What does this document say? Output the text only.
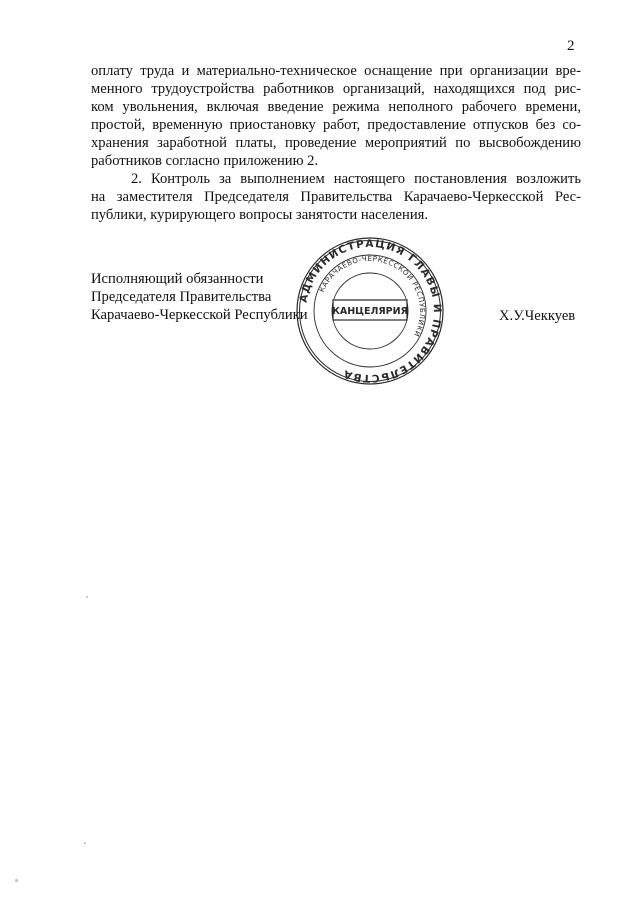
2
оплату труда и материально-техническое оснащение при организации вре-
менного трудоустройства работников организаций, находящихся под рис-
ком увольнения, включая введение режима неполного рабочего времени,
простой, временную приостановку работ, предоставление отпусков без со-
хранения заработной платы, проведение мероприятий по высвобождению
работников согласно приложению 2.
2. Контроль за выполнением настоящего постановления возложить
на заместителя Председателя Правительства Карачаево-Черкесской Рес-
публики, курирующего вопросы занятости населения.
Исполняющий обязанности
Председателя Правительства
Карачаево-Черкесской Республики	Х.У.Чеккуев
АДМИНИСТРАЦИЯ ГЛАВЫ И ПРАВИТЕЛЬСТВА
КАРАЧАЕВО-ЧЕРКЕССКОЙ РЕСПУБЛИКИ
КАНЦЕЛЯРИЯ
